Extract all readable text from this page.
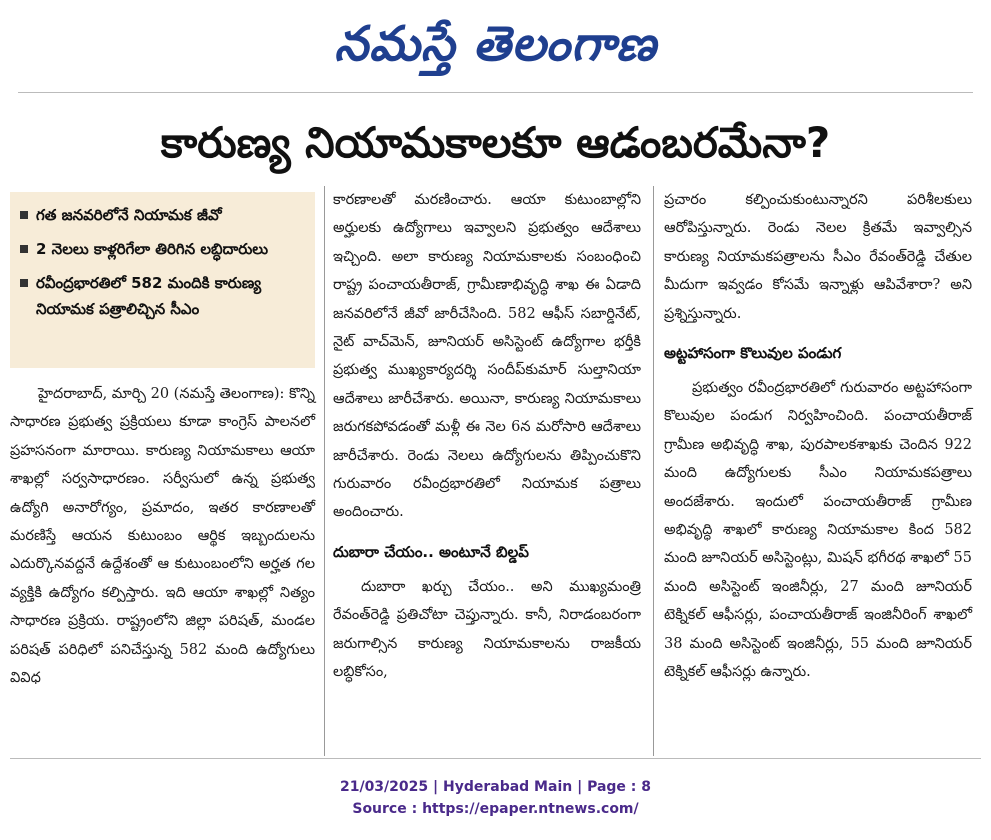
నమస్తే తెలంగాణ
కారుణ్య నియామకాలకూ ఆడంబరమేనా?
గత జనవరిలోనే నియామక జీవో
2 నెలలు కాళ్లరిగేలా తిరిగిన లబ్ధిదారులు
రవీంద్రభారతిలో 582 మందికి కారుణ్య నియామక పత్రాలిచ్చిన సీఎం

హైదరాబాద్, మార్చి 20 (నమస్తే తెలంగాణ): కొన్ని సాధారణ ప్రభుత్వ ప్రక్రియలు కూడా కాంగ్రెస్ పాలనలో ప్రహసనంగా మారాయి. కారుణ్య నియామకాలు ఆయా శాఖల్లో సర్వసాధారణం. సర్వీసులో ఉన్న ప్రభుత్వ ఉద్యోగి అనారోగ్యం, ప్రమాదం, ఇతర కారణాలతో మరణిస్తే ఆయన కుటుంబం ఆర్థిక ఇబ్బందులను ఎదుర్కొనవద్దనే ఉద్దేశంతో ఆ కుటుంబంలోని అర్హత గల వ్యక్తికి ఉద్యోగం కల్పిస్తారు. ఇది ఆయా శాఖల్లో నిత్యం సాధారణ ప్రక్రియ. రాష్ట్రంలోని జిల్లా పరిషత్, మండల పరిషత్ పరిధిలో పనిచేస్తున్న 582 మంది ఉద్యోగులు వివిధ

కారణాలతో మరణించారు. ఆయా కుటుంబాల్లోని అర్హులకు ఉద్యోగాలు ఇవ్వాలని ప్రభుత్వం ఆదేశాలు ఇచ్చింది. అలా కారుణ్య నియామకాలకు సంబంధించి రాష్ట్ర పంచాయతీరాజ్, గ్రామీణాభివృద్ధి శాఖ ఈ ఏడాది జనవరిలోనే జీవో జారీచేసింది. 582 ఆఫీస్ సబార్డినేట్, నైట్ వాచ్‌మెన్, జూనియర్ అసిస్టెంట్ ఉద్యోగాల భర్తీకి ప్రభుత్వ ముఖ్యకార్యదర్శి సందీప్‌కుమార్ సుల్తానియా ఆదేశాలు జారీచేశారు. అయినా, కారుణ్య నియామకాలు జరుగకపోవడంతో మళ్లీ ఈ నెల 6న మరోసారి ఆదేశాలు జారీచేశారు. రెండు నెలలు ఉద్యోగులను తిప్పించుకొని గురువారం రవీంద్రభారతిలో నియామక పత్రాలు అందించారు.

దుబారా చేయం.. అంటూనే బిల్డప్

దుబారా ఖర్చు చేయం.. అని ముఖ్యమంత్రి రేవంత్‌రెడ్డి ప్రతిచోటా చెప్తున్నారు. కానీ, నిరాడంబరంగా జరుగాల్సిన కారుణ్య నియామకాలను రాజకీయ లబ్ధికోసం,

ప్రచారం కల్పించుకుంటున్నారని పరిశీలకులు ఆరోపిస్తున్నారు. రెండు నెలల క్రితమే ఇవ్వాల్సిన కారుణ్య నియామకపత్రాలను సీఎం రేవంత్‌రెడ్డి చేతుల మీదుగా ఇవ్వడం కోసమే ఇన్నాళ్లు ఆపివేశారా? అని ప్రశ్నిస్తున్నారు.

అట్టహాసంగా కొలువుల పండుగ

ప్రభుత్వం రవీంద్రభారతిలో గురువారం అట్టహాసంగా కొలువుల పండుగ నిర్వహించింది. పంచాయతీరాజ్ గ్రామీణ అభివృద్ధి శాఖ, పురపాలకశాఖకు చెందిన 922 మంది ఉద్యోగులకు సీఎం నియామకపత్రాలు అందజేశారు. ఇందులో పంచాయతీరాజ్ గ్రామీణ అభివృద్ధి శాఖలో కారుణ్య నియామకాల కింద 582 మంది జూనియర్ అసిస్టెంట్లు, మిషన్ భగీరథ శాఖలో 55 మంది అసిస్టెంట్ ఇంజినీర్లు, 27 మంది జూనియర్ టెక్నికల్ ఆఫీసర్లు, పంచాయతీరాజ్ ఇంజినీరింగ్ శాఖలో 38 మంది అసిస్టెంట్ ఇంజినీర్లు, 55 మంది జూనియర్ టెక్నికల్ ఆఫీసర్లు ఉన్నారు.

21/03/2025 | Hyderabad Main | Page : 8
Source : https://epaper.ntnews.com/
